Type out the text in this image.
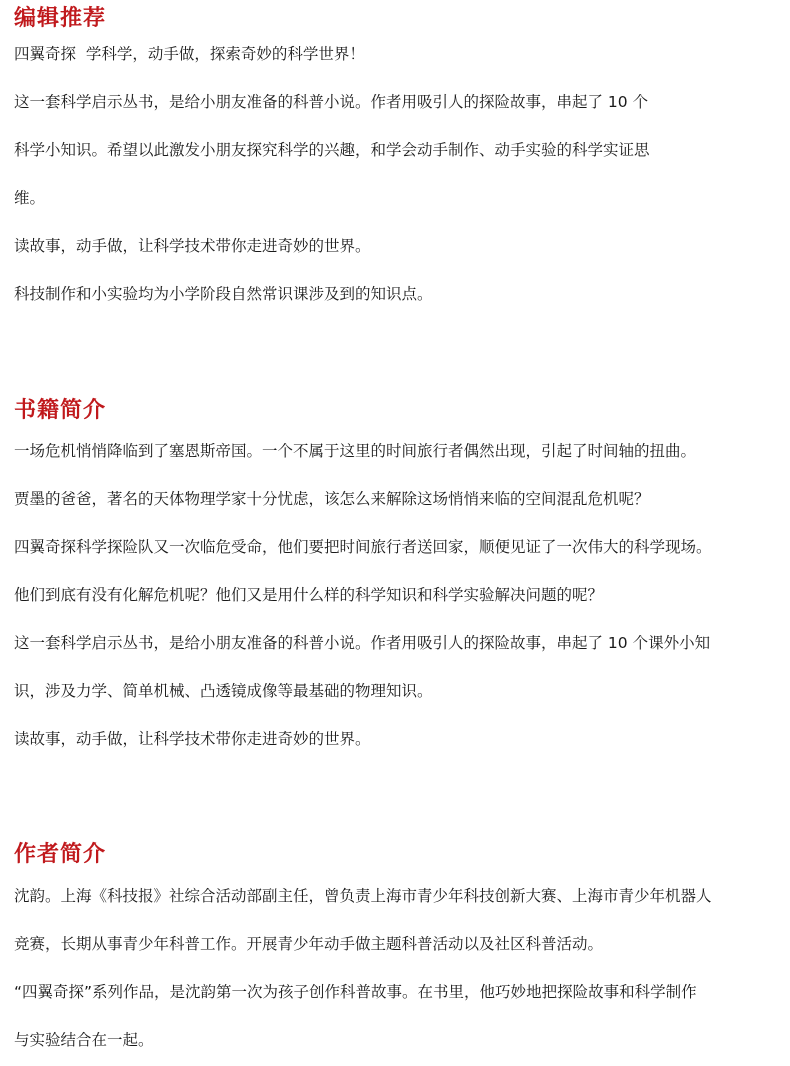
编辑推荐
四翼奇探  学科学，动手做，探索奇妙的科学世界！
这一套科学启示丛书，是给小朋友准备的科普小说。作者用吸引人的探险故事，串起了 10 个
科学小知识。希望以此激发小朋友探究科学的兴趣，和学会动手制作、动手实验的科学实证思
维。
读故事，动手做，让科学技术带你走进奇妙的世界。
科技制作和小实验均为小学阶段自然常识课涉及到的知识点。
书籍简介
一场危机悄悄降临到了塞恩斯帝国。一个不属于这里的时间旅行者偶然出现，引起了时间轴的扭曲。
贾墨的爸爸，著名的天体物理学家十分忧虑，该怎么来解除这场悄悄来临的空间混乱危机呢？
四翼奇探科学探险队又一次临危受命，他们要把时间旅行者送回家，顺便见证了一次伟大的科学现场。
他们到底有没有化解危机呢？他们又是用什么样的科学知识和科学实验解决问题的呢？
这一套科学启示丛书，是给小朋友准备的科普小说。作者用吸引人的探险故事，串起了 10 个课外小知
识，涉及力学、简单机械、凸透镜成像等最基础的物理知识。
读故事，动手做，让科学技术带你走进奇妙的世界。
作者简介
沈韵。上海《科技报》社综合活动部副主任，曾负责上海市青少年科技创新大赛、上海市青少年机器人
竞赛，长期从事青少年科普工作。开展青少年动手做主题科普活动以及社区科普活动。
“四翼奇探”系列作品，是沈韵第一次为孩子创作科普故事。在书里，他巧妙地把探险故事和科学制作
与实验结合在一起。
